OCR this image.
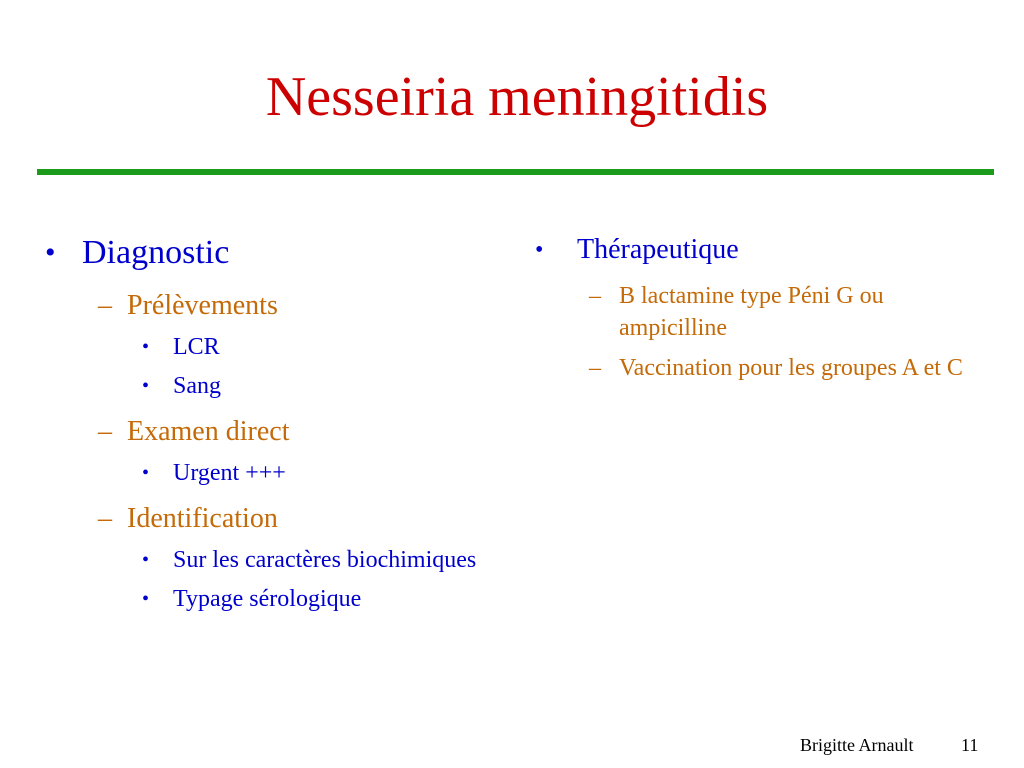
Nesseiria meningitidis
• Diagnostic
– Prélèvements
• LCR
• Sang
– Examen direct
• Urgent +++
– Identification
• Sur les caractères biochimiques
• Typage sérologique
•	Thérapeutique
– B lactamine type Péni G ou ampicilline
– Vaccination pour les groupes A et C
Brigitte Arnault	11
